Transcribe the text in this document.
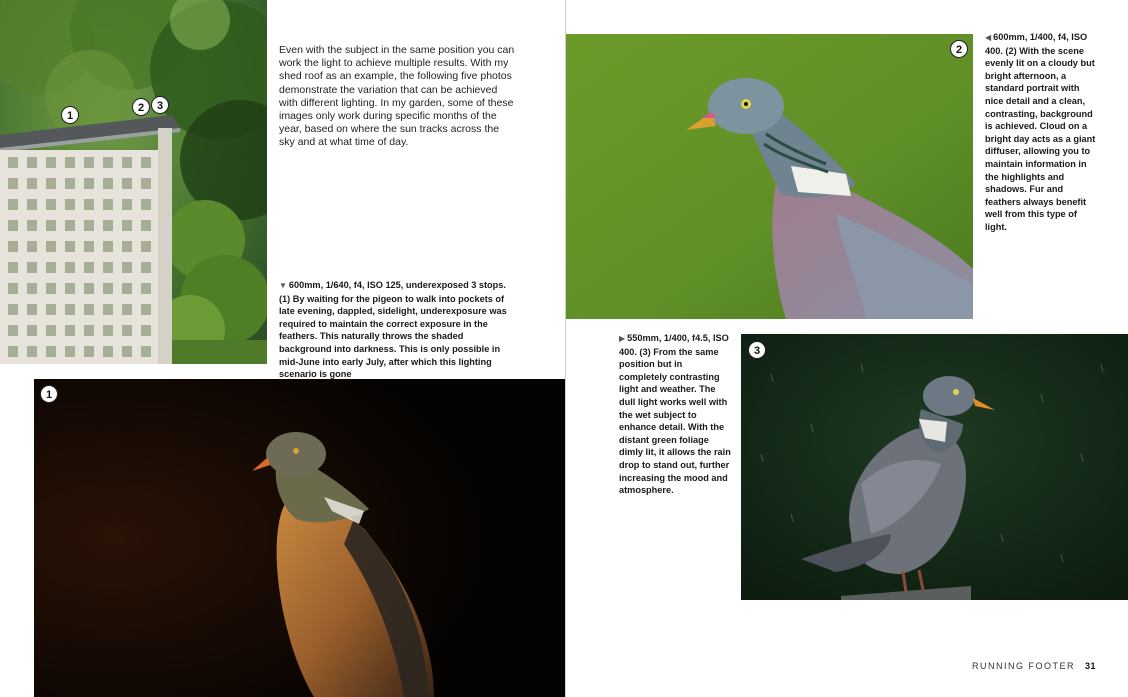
1
2	3
Even with the subject in the same position you can work the light to achieve multiple results. With my shed roof as an example, the following five photos demonstrate the variation that can be achieved with different lighting. In my garden, some of these images only work during specific months of the year, based on where the sun tracks across the sky and at what time of day.
▼ 600mm, 1/640, f4, ISO 125, underexposed 3 stops. (1) By waiting for the pigeon to walk into pockets of late evening, dappled, sidelight, underexposure was required to maintain the correct exposure in the feathers. This naturally throws the shaded background into darkness. This is only possible in mid-June into early July, after which this lighting scenario is gone
1
2
◀ 600mm, 1/400, f4, ISO 400. (2) With the scene evenly lit on a cloudy but bright afternoon, a standard portrait with nice detail and a clean, contrasting, background is achieved. Cloud on a bright day acts as a giant diffuser, allowing you to maintain information in the highlights and shadows. Fur and feathers always benefit well from this type of light.
▶ 550mm, 1/400, f4.5, ISO 400. (3) From the same position but in completely contrasting light and weather. The dull light works well with the wet subject to enhance detail. With the distant green foliage dimly lit, it allows the rain drop to stand out, further increasing the mood and atmosphere.
3
RUNNING FOOTER 31
